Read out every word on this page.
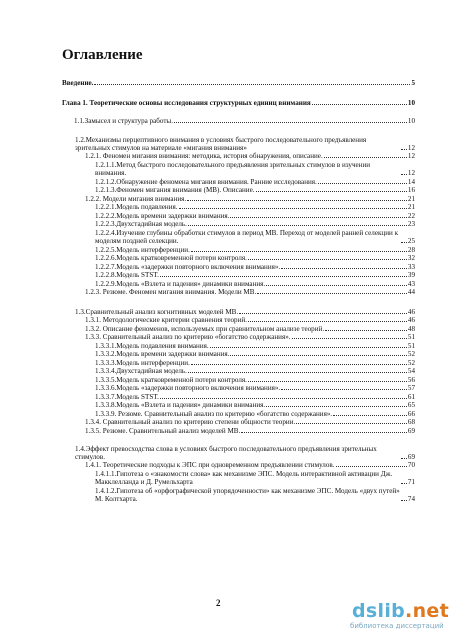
Оглавление
Введение.	5
Глава 1. Теоретические основы исследования структурных единиц внимания	10
1.1.Замысел и структура работы.	10
1.2.Механизмы перцептивного внимания в условиях быстрого последовательного предъявления зрительных стимулов на материале «мигания внимания»	12
1.2.1. Феномен мигания внимания: методика, история обнаружения, описание.	12
1.2.1.1.Метод быстрого последовательного предъявления зрительных стимулов в изучении внимания.	12
1.2.1.2.Обнаружение феномена мигания внимания. Ранние исследования.	14
1.2.1.3.Феномен мигания внимания (MB). Описание.	16
1.2.2. Модели мигания внимания.	21
1.2.2.1.Модель подавления.	21
1.2.2.2.Модель времени задержки внимания.	22
1.2.2.3.Двухстадийная модель.	23
1.2.2.4.Изучение глубины обработки стимулов в период MB. Переход от моделей ранней селекции к моделям поздней селекции.	25
1.2.2.5.Модель интерференции.	28
1.2.2.6.Модель кратковременной потери контроля.	32
1.2.2.7.Модель «задержки повторного включения внимания».	33
1.2.2.8.Модель STST.	39
1.2.2.9.Модель «Взлета и падения» динамики внимания.	43
1.2.3. Резюме. Феномен мигания внимания. Модели MB.	44
1.3.Сравнительный анализ когнитивных моделей MB.	46
1.3.1. Методологические критерии сравнения теорий.	46
1.3.2. Описание феноменов, используемых при сравнительном анализе теорий.	48
1.3.3. Сравнительный анализ по критерию «богатство содержания».	51
1.3.3.1.Модель подавления внимания.	51
1.3.3.2.Модель времени задержки внимания.	52
1.3.3.3.Модель интерференции.	52
1.3.3.4.Двухстадийная модель.	54
1.3.3.5.Модель кратковременной потери контроля.	56
1.3.3.6.Модель «задержки повторного включения внимания».	57
1.3.3.7.Модель STST.	61
1.3.3.8.Модель «Взлета и падения» динамики внимания.	65
1.3.3.9. Резюме. Сравнительный анализ по критерию «богатство содержания».	66
1.3.4. Сравнительный анализ по критерию степени общности теории.	68
1.3.5. Резюме. Сравнительный анализ моделей MB.	69
1.4.Эффект превосходства слова в условиях быстрого последовательного предъявления зрительных стимулов.	69
1.4.1. Теоретические подходы к ЭПС при одновременном предъявлении стимулов.	70
1.4.1.1.Гипотеза о «знакомости слова» как механизме ЭПС. Модель интерактивной активации Дж. Макклелланда и Д. Румельхарта	71
1.4.1.2.Гипотеза об «орфографической упорядоченности» как механизме ЭПС. Модель «двух путей» М. Колтхарта.	74
2	dslib.net
библиотека диссертаций
